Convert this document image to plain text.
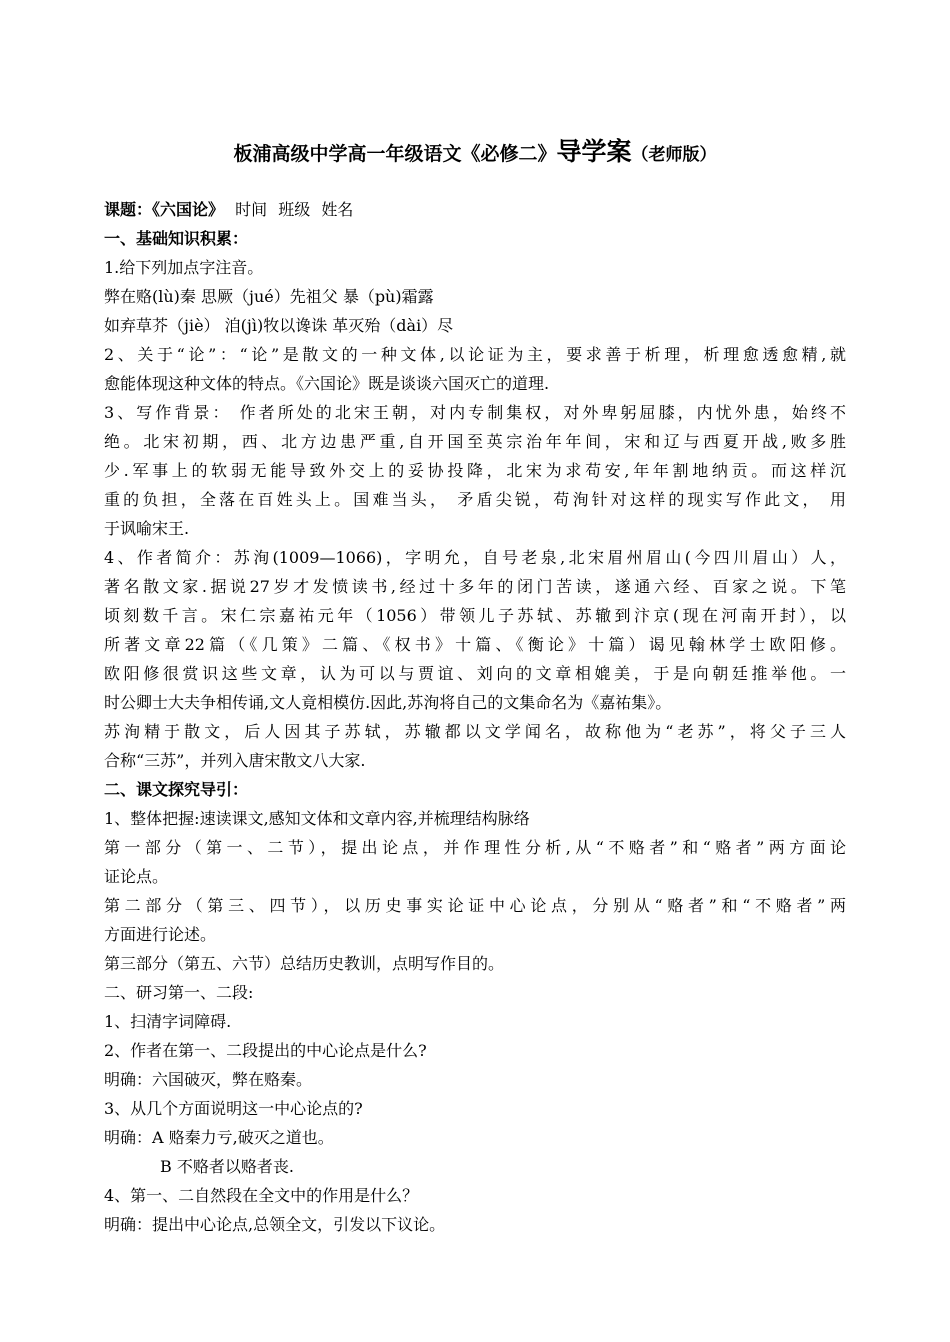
板浦高级中学高一年级语文《必修二》导学案（老师版）
课题：《六国论》 时间 班级 姓名
一、基础知识积累：
1.给下列加点字注音。
弊在赂(lù)秦 思厥（jué）先祖父 暴（pù)霜露
如弃草芥（jiè） 洎(jì)牧以谗诛 革灭殆（dài）尽
2、关于“论”：“论”是散文的一种文体,以论证为主，要求善于析理，析理愈透愈精,就
愈能体现这种文体的特点。《六国论》既是谈谈六国灭亡的道理.
3、写作背景： 作者所处的北宋王朝，对内专制集权，对外卑躬屈膝，内忧外患，始终不
绝。北宋初期，西、北方边患严重,自开国至英宗治年年间，宋和辽与西夏开战,败多胜
少.军事上的软弱无能导致外交上的妥协投降，北宋为求苟安,年年割地纳贡。而这样沉
重的负担，全落在百姓头上。国难当头， 矛盾尖锐，苟洵针对这样的现实写作此文， 用
于讽喻宋王.
4、作者简介：苏洵(1009—1066)，字明允，自号老泉,北宋眉州眉山(今四川眉山）人，
著名散文家.据说27岁才发愤读书,经过十多年的闭门苦读，遂通六经、百家之说。下笔
顷刻数千言。宋仁宗嘉祐元年（1056）带领儿子苏轼、苏辙到汴京(现在河南开封），以
所著文章22篇（《几策》二篇、《权书》十篇、《衡论》十篇）谒见翰林学士欧阳修。
欧阳修很赏识这些文章，认为可以与贾谊、刘向的文章相媲美，于是向朝廷推举他。一
时公卿士大夫争相传诵,文人竟相模仿.因此,苏洵将自己的文集命名为《嘉祐集》。
苏洵精于散文，后人因其子苏轼，苏辙都以文学闻名，故称他为“老苏”，将父子三人
合称“三苏”，并列入唐宋散文八大家.
二、课文探究导引：
1、整体把握:速读课文,感知文体和文章内容,并梳理结构脉络
第一部分（第一、二节），提出论点，并作理性分析,从“不赂者”和“赂者”两方面论
证论点。
第二部分（第三、四节），以历史事实论证中心论点，分别从“赂者”和“不赂者”两
方面进行论述。
第三部分（第五、六节）总结历史教训，点明写作目的。
二、研习第一、二段:
1、扫清字词障碍.
2、作者在第一、二段提出的中心论点是什么?
明确：六国破灭，弊在赂秦。
3、从几个方面说明这一中心论点的?
明确：A 赂秦力亏,破灭之道也。
B 不赂者以赂者丧.
4、第一、二自然段在全文中的作用是什么？
明确：提出中心论点,总领全文，引发以下议论。
